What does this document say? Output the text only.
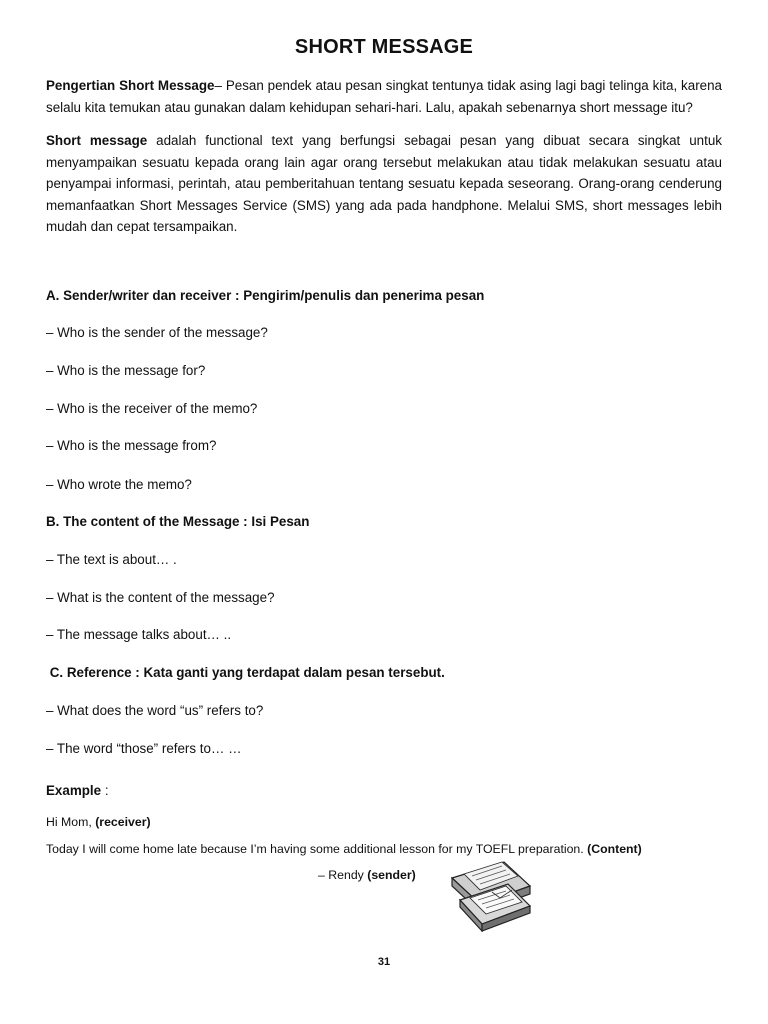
SHORT MESSAGE

Pengertian Short Message– Pesan pendek atau pesan singkat tentunya tidak asing lagi bagi telinga kita, karena selalu kita temukan atau gunakan dalam kehidupan sehari-hari. Lalu, apakah sebenarnya short message itu?

Short message adalah functional text yang berfungsi sebagai pesan yang dibuat secara singkat untuk menyampaikan sesuatu kepada orang lain agar orang tersebut melakukan atau tidak melakukan sesuatu atau penyampai informasi, perintah, atau pemberitahuan tentang sesuatu kepada seseorang. Orang-orang cenderung memanfaatkan Short Messages Service (SMS) yang ada pada handphone. Melalui SMS, short messages lebih mudah dan cepat tersampaikan.

A. Sender/writer dan receiver : Pengirim/penulis dan penerima pesan

– Who is the sender of the message?

– Who is the message for?

– Who is the receiver of the memo?

– Who is the message from?

– Who wrote the memo?

B. The content of the Message : Isi Pesan

– The text is about… .

– What is the content of the message?

– The message talks about… ..

C. Reference : Kata ganti yang terdapat dalam pesan tersebut.

– What does the word “us” refers to?

– The word “those” refers to… …

Example :

Hi Mom, (receiver)

Today I will come home late because I’m having some additional lesson for my TOEFL preparation. (Content)

– Rendy (sender)

31
